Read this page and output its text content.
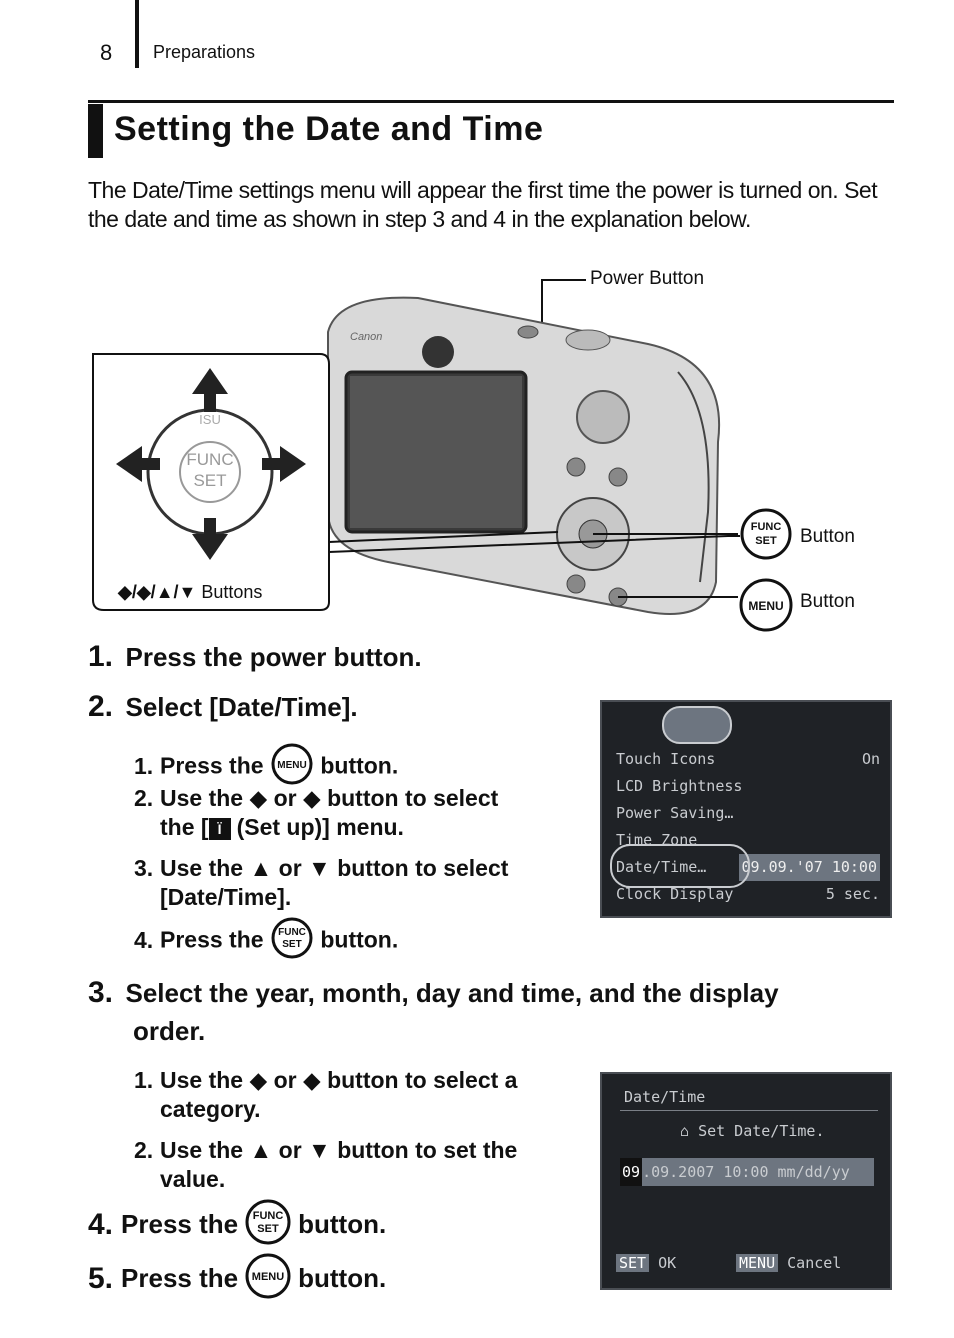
8 Preparations
Setting the Date and Time
The Date/Time settings menu will appear the first time the power is turned on. Set the date and time as shown in step 3 and 4 in the explanation below.
Power Button
Canon
FUNC
SET
ISU
◆/◆/▲/▼ Buttons
FUNC
SET Button
MENU Button
1. Press the power button.
2. Select [Date/Time].
1. Press the MENU button.
2. Use the ◆ or ◆ button to select
the [ Ϊ (Set up)] menu.
3. Use the ▲ or ▼ button to select
[Date/Time].
4. Press the FUNC
SET button.
Touch Icons	On
LCD Brightness
Power Saving…
Time Zone
Date/Time… 09.09.'07 10:00
Clock Display	5 sec.
3. Select the year, month, day and time, and the display
order.
1. Use the ◆ or ◆ button to select a
category.
2. Use the ▲ or ▼ button to set the
value.
4. Press the FUNC
SET button.
5. Press the MENU button.
Date/Time
⌂ Set Date/Time.
09 .09.2007 10:00 mm/dd/yy
SET OK	MENU Cancel
